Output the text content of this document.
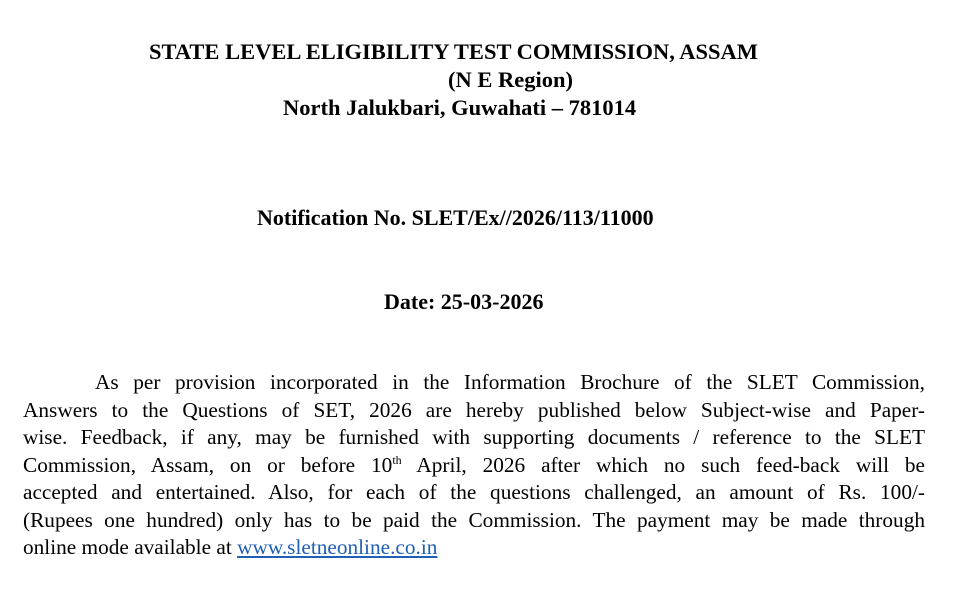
STATE LEVEL ELIGIBILITY TEST COMMISSION, ASSAM
(N E Region)
North Jalukbari, Guwahati – 781014
Notification No. SLET/Ex//2026/113/11000
Date: 25-03-2026
As per provision incorporated in the Information Brochure of the SLET Commission,
Answers to the Questions of SET, 2026 are hereby published below Subject-wise and Paper-
wise. Feedback, if any, may be furnished with supporting documents / reference to the SLET
Commission, Assam, on or before 10th April, 2026 after which no such feed-back will be
accepted and entertained. Also, for each of the questions challenged, an amount of Rs. 100/-
(Rupees one hundred) only has to be paid the Commission. The payment may be made through
online mode available at www.sletneonline.co.in
